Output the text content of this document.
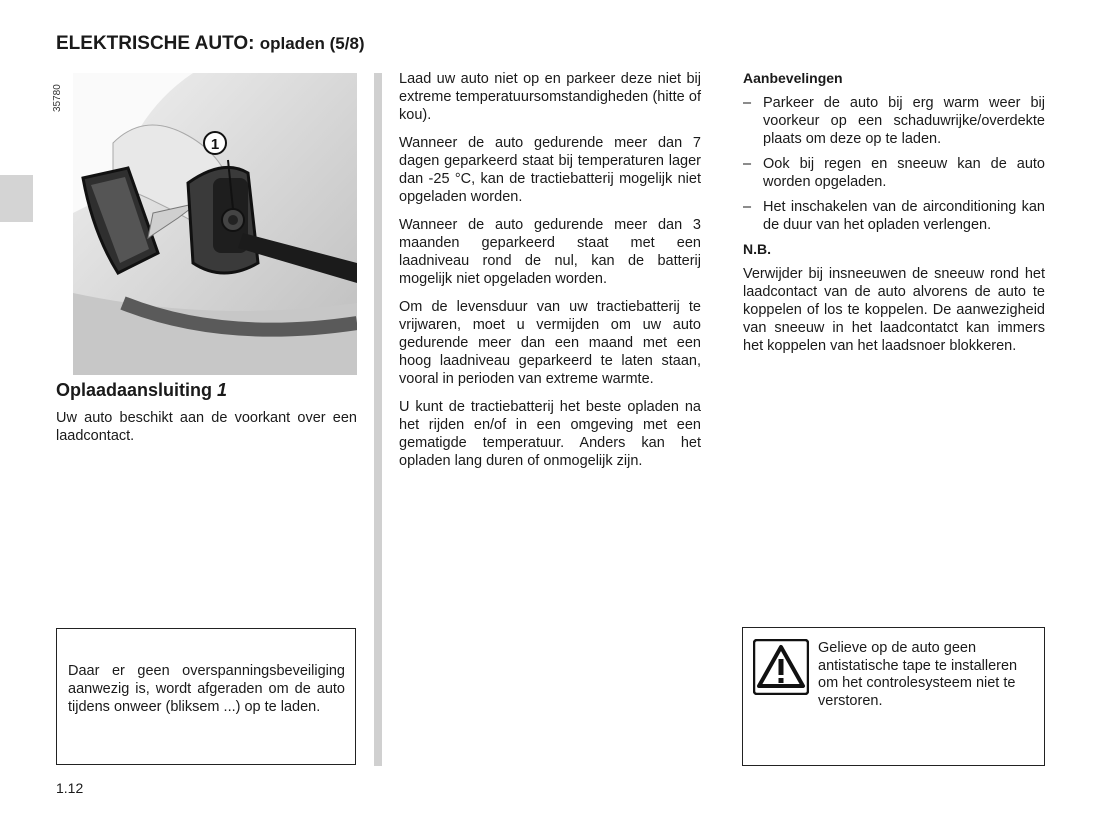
ELEKTRISCHE AUTO: opladen (5/8)
35780
1
Oplaadaansluiting 1

Uw auto beschikt aan de voorkant over een laadcontact.

Laad uw auto niet op en parkeer deze niet bij extreme temperatuursomstandigheden (hitte of kou).

Wanneer de auto gedurende meer dan 7 dagen geparkeerd staat bij temperaturen lager dan -25 °C, kan de tractiebatterij mogelijk niet opgeladen worden.

Wanneer de auto gedurende meer dan 3 maanden geparkeerd staat met een laadniveau rond de nul, kan de batterij mogelijk niet opgeladen worden.

Om de levensduur van uw tractiebatterij te vrijwaren, moet u vermijden om uw auto gedurende meer dan een maand met een hoog laadniveau geparkeerd te laten staan, vooral in perioden van extreme warmte.

U kunt de tractiebatterij het beste opladen na het rijden en/of in een omgeving met een gematigde temperatuur. Anders kan het opladen lang duren of onmogelijk zijn.

Aanbevelingen
– Parkeer de auto bij erg warm weer bij voorkeur op een schaduwrijke/overdekte plaats om deze op te laden.
– Ook bij regen en sneeuw kan de auto worden opgeladen.
– Het inschakelen van de airconditioning kan de duur van het opladen verlengen.
N.B.

Verwijder bij insneeuwen de sneeuw rond het laadcontact van de auto alvorens de auto te koppelen of los te koppelen. De aanwezigheid van sneeuw in het laadcontatct kan immers het koppelen van het laadsnoer blokkeren.

Daar er geen overspanningsbeveiliging aanwezig is, wordt afgeraden om de auto tijdens onweer (bliksem ...) op te laden.

Gelieve op de auto geen antistatische tape te installeren om het controlesysteem niet te verstoren.

1.12
